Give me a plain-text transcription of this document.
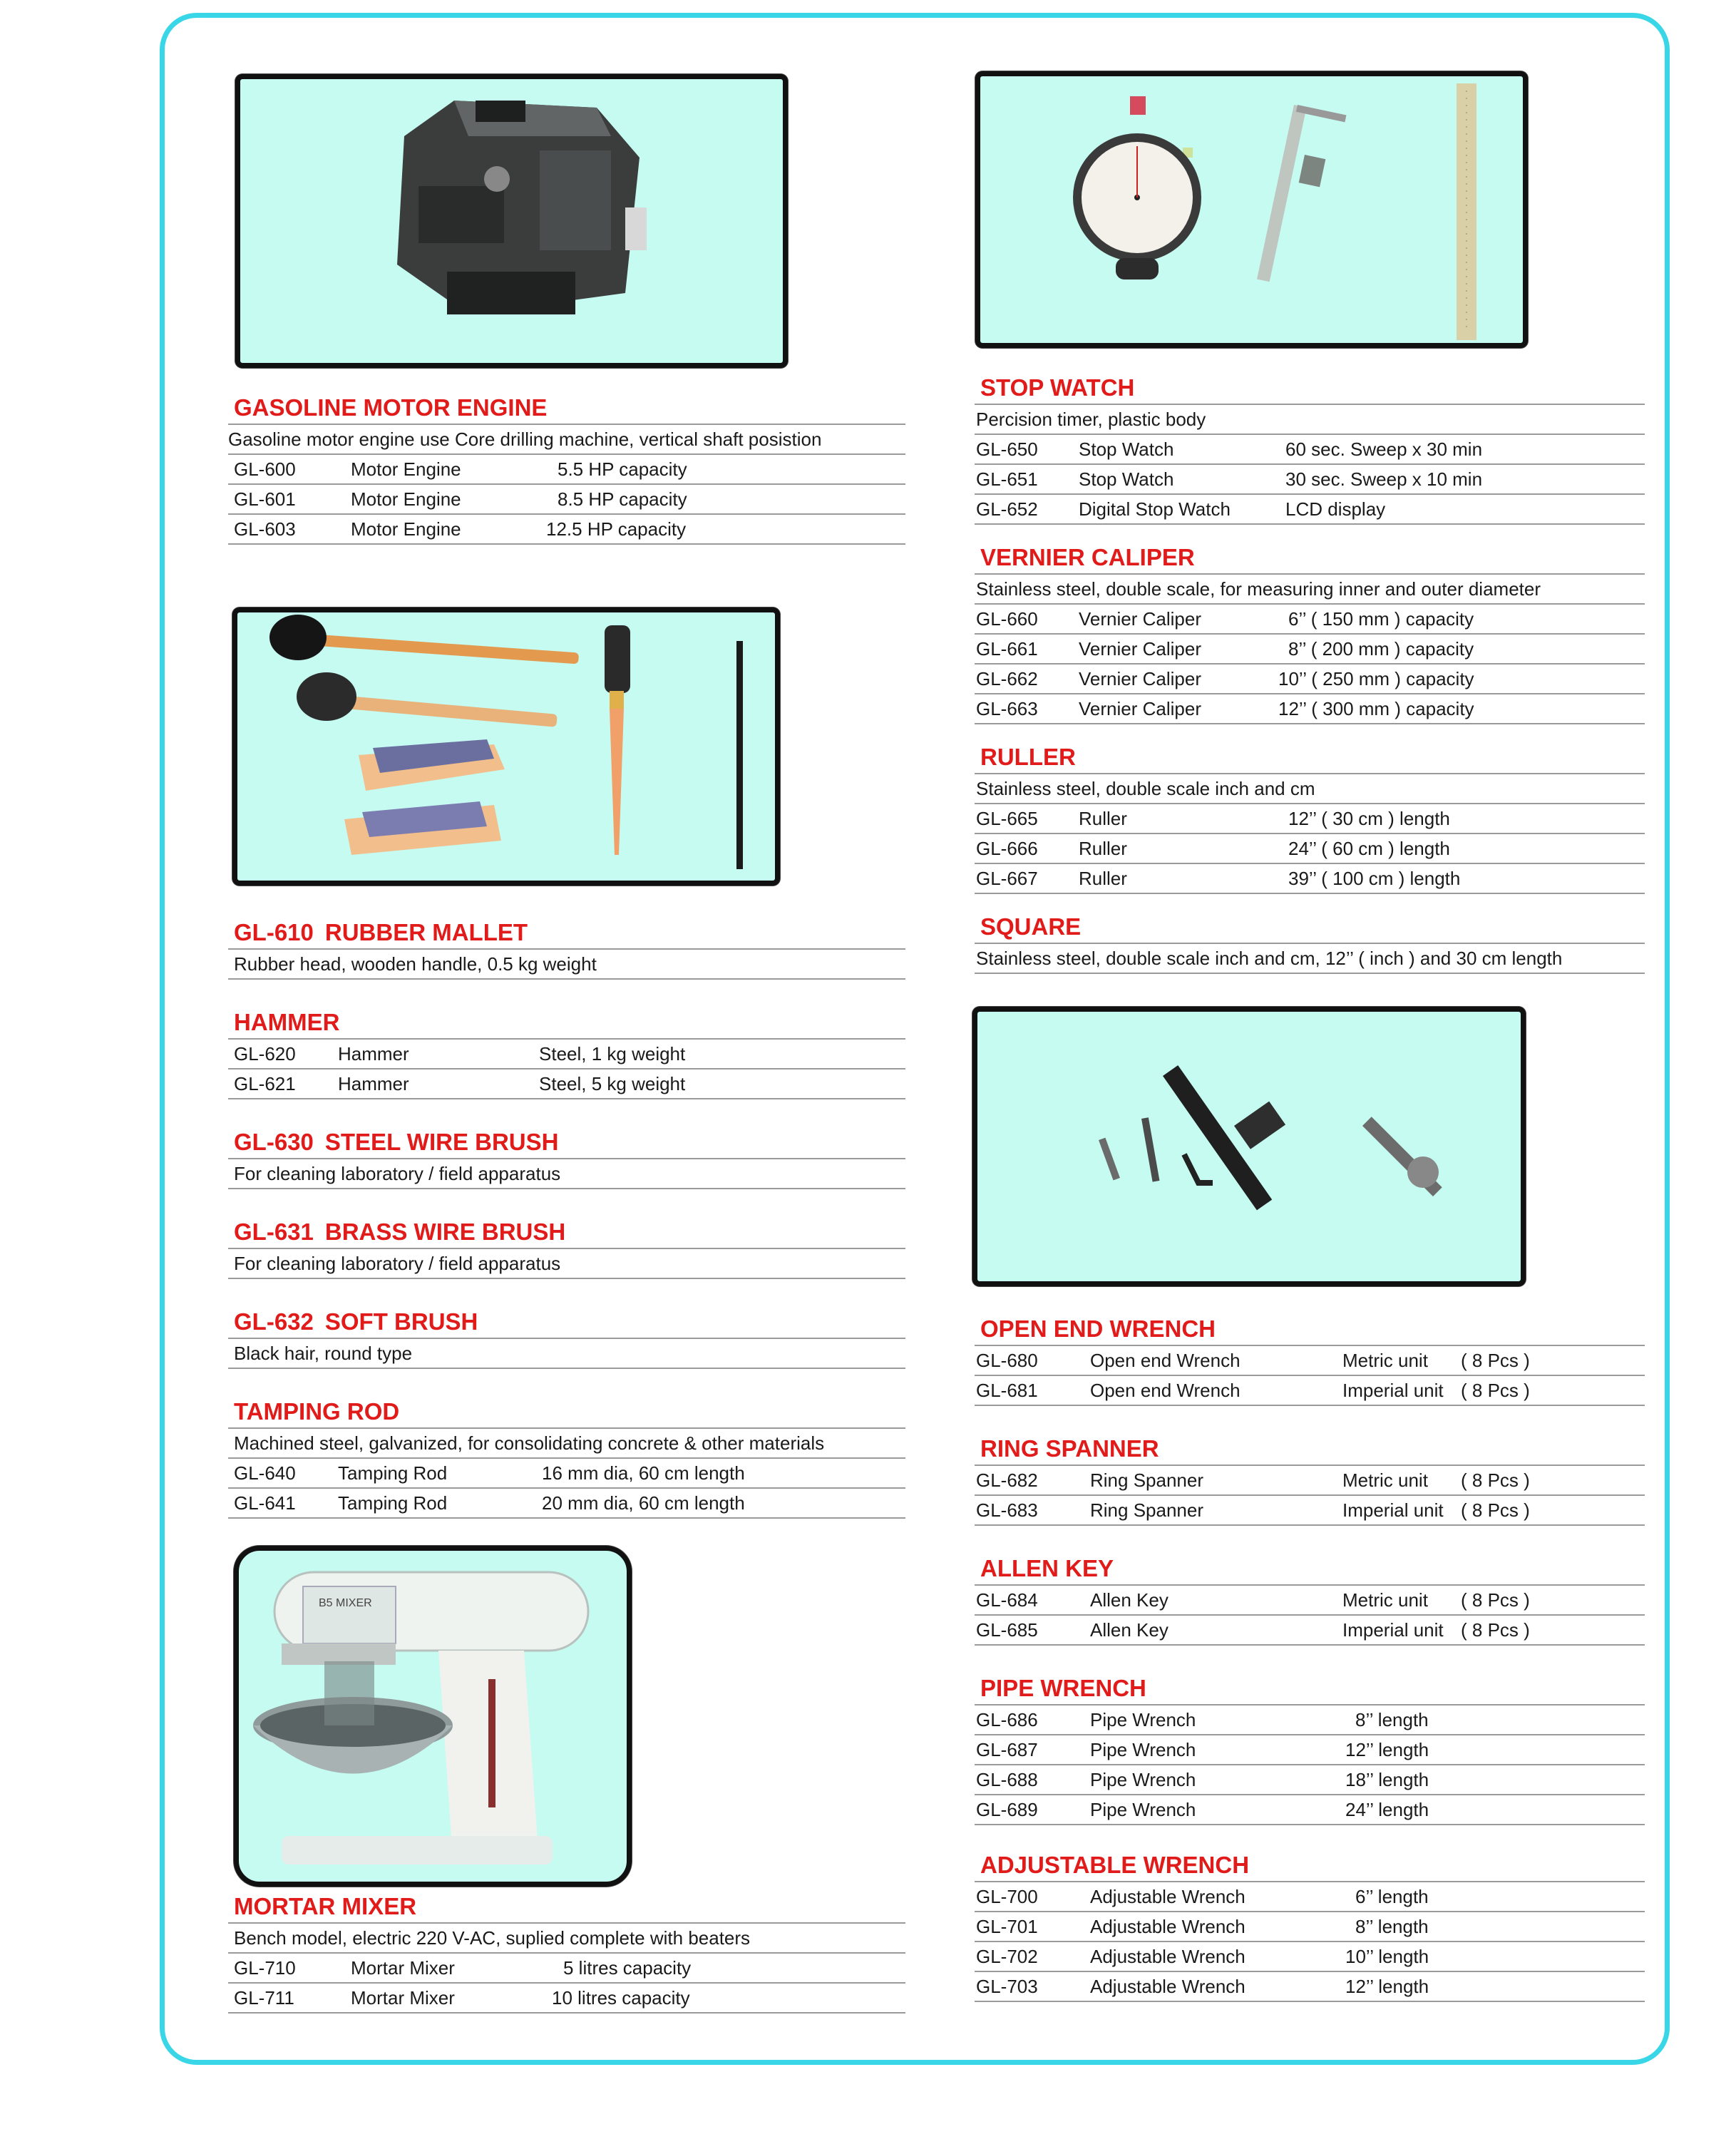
GASOLINE MOTOR ENGINE
Gasoline motor engine use Core drilling machine, vertical shaft posistion
GL-600	Motor Engine	5.5 HP capacity
GL-601	Motor Engine	8.5 HP capacity
GL-603	Motor Engine	12.5 HP capacity
GL-610 RUBBER MALLET
Rubber head, wooden handle, 0.5 kg weight
HAMMER
GL-620 Hammer	Steel, 1 kg weight
GL-621 Hammer	Steel, 5 kg weight
GL-630 STEEL WIRE BRUSH
For cleaning laboratory / field apparatus
GL-631 BRASS WIRE BRUSH
For cleaning laboratory / field apparatus
GL-632 SOFT BRUSH
Black hair, round type
TAMPING ROD
Machined steel, galvanized, for consolidating concrete & other materials
GL-640 Tamping Rod	16 mm dia, 60 cm length
GL-641 Tamping Rod	20 mm dia, 60 cm length
B5 MIXER
MORTAR MIXER
Bench model, electric 220 V-AC, suplied complete with beaters
GL-710	Mortar Mixer	5 litres capacity
GL-711	Mortar Mixer	10 litres capacity
STOP WATCH
Percision timer, plastic body
GL-650 Stop Watch	60 sec. Sweep x 30 min
GL-651 Stop Watch	30 sec. Sweep x 10 min
GL-652 Digital Stop Watch	LCD display
VERNIER CALIPER
Stainless steel, double scale, for measuring inner and outer diameter
GL-660 Vernier Caliper	6’’ ( 150 mm ) capacity
GL-661 Vernier Caliper	8’’ ( 200 mm ) capacity
GL-662 Vernier Caliper	10’’ ( 250 mm ) capacity
GL-663 Vernier Caliper	12’’ ( 300 mm ) capacity
RULLER
Stainless steel, double scale inch and cm
GL-665 Ruller	12’’ ( 30 cm ) length
GL-666 Ruller	24’’ ( 60 cm ) length
GL-667 Ruller	39’’ ( 100 cm ) length
SQUARE
Stainless steel, double scale inch and cm, 12’’ ( inch ) and 30 cm length
OPEN END WRENCH
GL-680	Open end Wrench	Metric unit ( 8 Pcs )
GL-681	Open end Wrench	Imperial unit ( 8 Pcs )
RING SPANNER
GL-682	Ring Spanner	Metric unit ( 8 Pcs )
GL-683	Ring Spanner	Imperial unit ( 8 Pcs )
ALLEN KEY
GL-684	Allen Key	Metric unit ( 8 Pcs )
GL-685	Allen Key	Imperial unit ( 8 Pcs )
PIPE WRENCH
GL-686	Pipe Wrench	8’’ length
GL-687	Pipe Wrench	12’’ length
GL-688	Pipe Wrench	18’’ length
GL-689	Pipe Wrench	24’’ length
ADJUSTABLE WRENCH
GL-700	Adjustable Wrench	6’’ length
GL-701	Adjustable Wrench	8’’ length
GL-702	Adjustable Wrench	10’’ length
GL-703	Adjustable Wrench	12’’ length
